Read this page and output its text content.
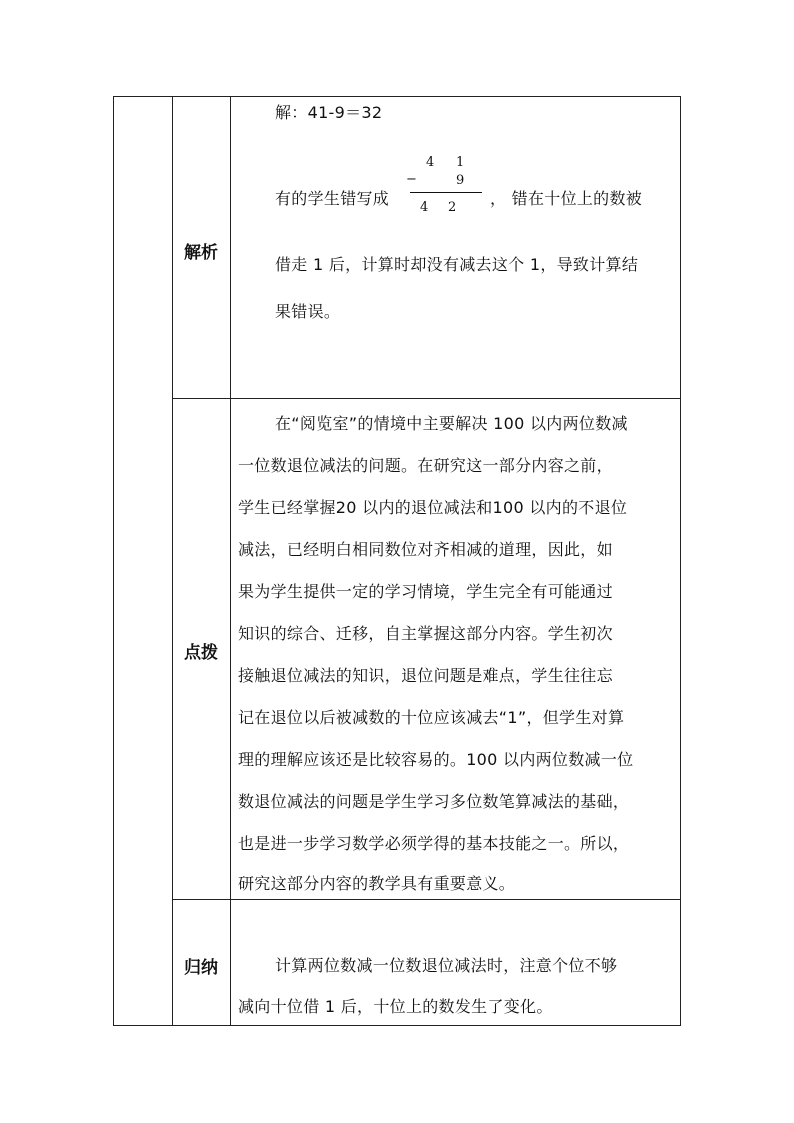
解析
点拨
归纳
解：41-9＝32
有的学生错写成
4 1
−	9
4 2 ， 错在十位上的数被
借走 1 后，计算时却没有减去这个 1，导致计算结
果错误。
在“阅览室”的情境中主要解决 100 以内两位数减
一位数退位减法的问题。在研究这一部分内容之前，
学生已经掌握20 以内的退位减法和100 以内的不退位
减法，已经明白相同数位对齐相减的道理，因此，如
果为学生提供一定的学习情境，学生完全有可能通过
知识的综合、迁移，自主掌握这部分内容。学生初次
接触退位减法的知识，退位问题是难点，学生往往忘
记在退位以后被减数的十位应该减去“1”，但学生对算
理的理解应该还是比较容易的。100 以内两位数减一位
数退位减法的问题是学生学习多位数笔算减法的基础，
也是进一步学习数学必须学得的基本技能之一。所以，
研究这部分内容的教学具有重要意义。
计算两位数减一位数退位减法时，注意个位不够
减向十位借 1 后，十位上的数发生了变化。
